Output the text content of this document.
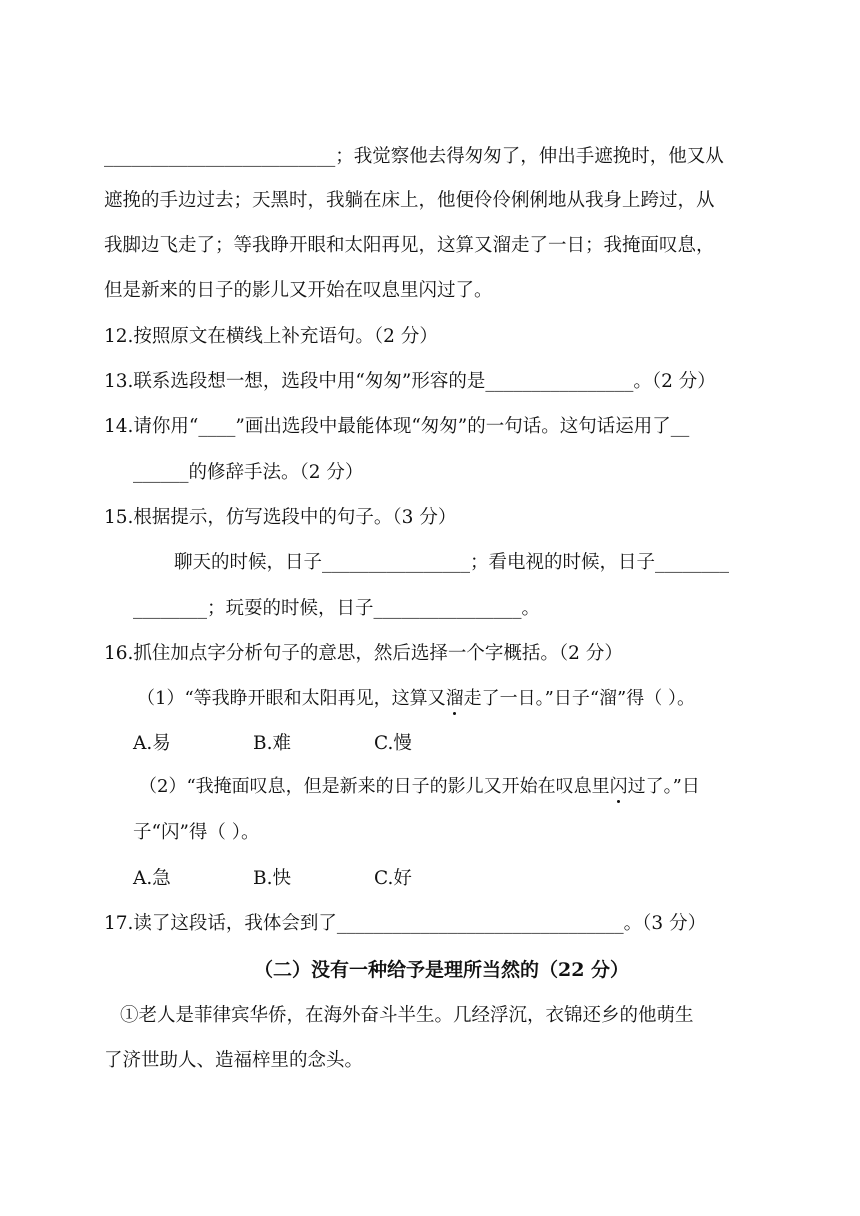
_________________________；我觉察他去得匆匆了，伸出手遮挽时，他又从
遮挽的手边过去；天黑时，我躺在床上，他便伶伶俐俐地从我身上跨过，从
我脚边飞走了；等我睁开眼和太阳再见，这算又溜走了一日；我掩面叹息，
但是新来的日子的影儿又开始在叹息里闪过了。
12.按照原文在横线上补充语句。（2 分）
13.联系选段想一想，选段中用“匆匆”形容的是________________。（2 分）
14.请你用“____”画出选段中最能体现“匆匆”的一句话。这句话运用了__
______的修辞手法。（2 分）
15.根据提示，仿写选段中的句子。（3 分）
聊天的时候，日子________________；看电视的时候，日子________
________；玩耍的时候，日子________________。
16.抓住加点字分析句子的意思，然后选择一个字概括。（2 分）
（1）“等我睁开眼和太阳再见，这算又溜走了一日。”日子“溜”得（ ）。
A.易	B.难	C.慢
（2）“我掩面叹息，但是新来的日子的影儿又开始在叹息里闪过了。”日
子“闪”得（ ）。
A.急	B.快	C.好
17.读了这段话，我体会到了_______________________________。（3 分）
（二）没有一种给予是理所当然的（22 分）
①老人是菲律宾华侨，在海外奋斗半生。几经浮沉，衣锦还乡的他萌生
了济世助人、造福梓里的念头。
